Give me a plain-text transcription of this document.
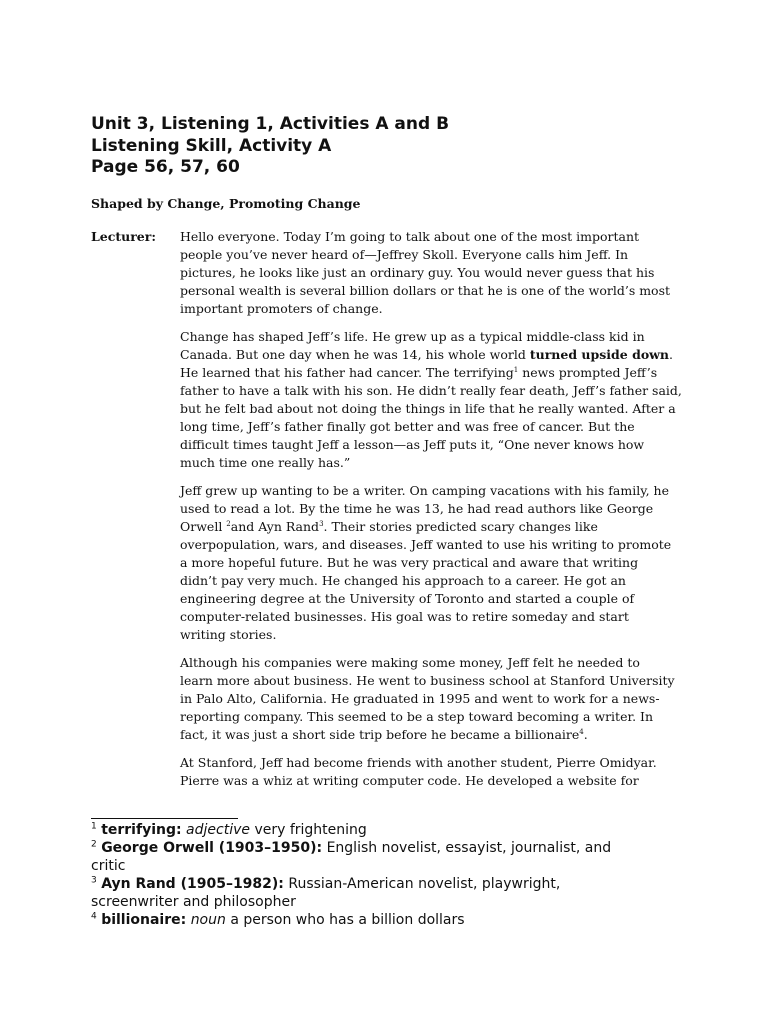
Unit 3, Listening 1, Activities A and B
Listening Skill, Activity A
Page 56, 57, 60
Shaped by Change, Promoting Change
Lecturer: Hello everyone. Today I’m going to talk about one of the most important
people you’ve never heard of—Jeffrey Skoll. Everyone calls him Jeff. In
pictures, he looks like just an ordinary guy. You would never guess that his
personal wealth is several billion dollars or that he is one of the world’s most
important promoters of change.
Change has shaped Jeff’s life. He grew up as a typical middle-class kid in
Canada. But one day when he was 14, his whole world turned upside down.
He learned that his father had cancer. The terrifying$^1$ news prompted Jeff’s
father to have a talk with his son. He didn’t really fear death, Jeff’s father said,
but he felt bad about not doing the things in life that he really wanted. After a
long time, Jeff’s father finally got better and was free of cancer. But the
difficult times taught Jeff a lesson—as Jeff puts it, “One never knows how
much time one really has.”
Jeff grew up wanting to be a writer. On camping vacations with his family, he
used to read a lot. By the time he was 13, he had read authors like George
Orwell $^2$and Ayn Rand$^3$. Their stories predicted scary changes like
overpopulation, wars, and diseases. Jeff wanted to use his writing to promote
a more hopeful future. But he was very practical and aware that writing
didn’t pay very much. He changed his approach to a career. He got an
engineering degree at the University of Toronto and started a couple of
computer-related businesses. His goal was to retire someday and start
writing stories.
Although his companies were making some money, Jeff felt he needed to
learn more about business. He went to business school at Stanford University
in Palo Alto, California. He graduated in 1995 and went to work for a news-
reporting company. This seemed to be a step toward becoming a writer. In
fact, it was just a short side trip before he became a billionaire$^4$.
At Stanford, Jeff had become friends with another student, Pierre Omidyar.
Pierre was a whiz at writing computer code. He developed a website for
$^1$ terrifying: adjective very frightening
$^2$ George Orwell (1903–1950): English novelist, essayist, journalist, and
critic
$^3$ Ayn Rand (1905–1982): Russian-American novelist, playwright,
screenwriter and philosopher
$^4$ billionaire: noun a person who has a billion dollars
